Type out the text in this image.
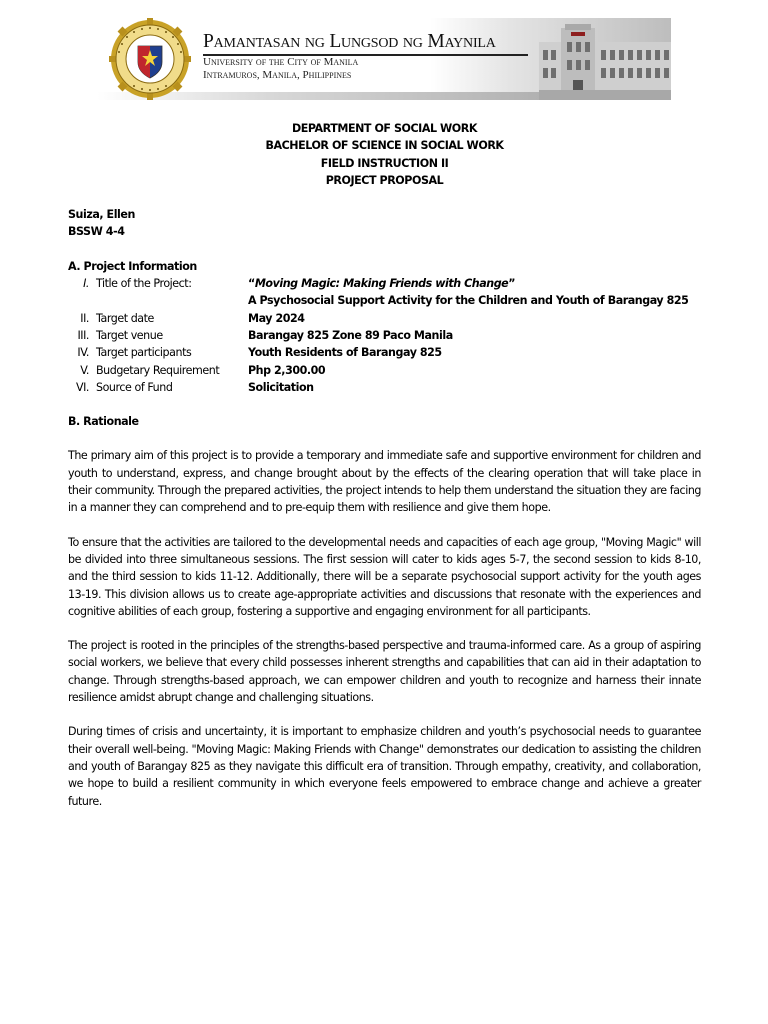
Pamantasan ng Lungsod ng Maynila
University of the City of Manila
Intramuros, Manila, Philippines
DEPARTMENT OF SOCIAL WORK
BACHELOR OF SCIENCE IN SOCIAL WORK
FIELD INSTRUCTION II
PROJECT PROPOSAL
Suiza, Ellen
BSSW 4-4
A. Project Information
I. Title of the Project:	“Moving Magic: Making Friends with Change”
A Psychosocial Support Activity for the Children and Youth of Barangay 825
II. Target date	May 2024
III. Target venue	Barangay 825 Zone 89 Paco Manila
IV. Target participants	Youth Residents of Barangay 825
V. Budgetary Requirement	Php 2,300.00
VI. Source of Fund	Solicitation
B. Rationale

The primary aim of this project is to provide a temporary and immediate safe and supportive environment for children and youth to understand, express, and change brought about by the effects of the clearing operation that will take place in their community. Through the prepared activities, the project intends to help them understand the situation they are facing in a manner they can comprehend and to pre-equip them with resilience and give them hope.

To ensure that the activities are tailored to the developmental needs and capacities of each age group, "Moving Magic" will be divided into three simultaneous sessions. The first session will cater to kids ages 5-7, the second session to kids 8-10, and the third session to kids 11-12. Additionally, there will be a separate psychosocial support activity for the youth ages 13-19. This division allows us to create age-appropriate activities and discussions that resonate with the experiences and cognitive abilities of each group, fostering a supportive and engaging environment for all participants.

The project is rooted in the principles of the strengths-based perspective and trauma-informed care. As a group of aspiring social workers, we believe that every child possesses inherent strengths and capabilities that can aid in their adaptation to change. Through strengths-based approach, we can empower children and youth to recognize and harness their innate resilience amidst abrupt change and challenging situations.

During times of crisis and uncertainty, it is important to emphasize children and youth’s psychosocial needs to guarantee their overall well-being. "Moving Magic: Making Friends with Change" demonstrates our dedication to assisting the children and youth of Barangay 825 as they navigate this difficult era of transition. Through empathy, creativity, and collaboration, we hope to build a resilient community in which everyone feels empowered to embrace change and achieve a greater future.
